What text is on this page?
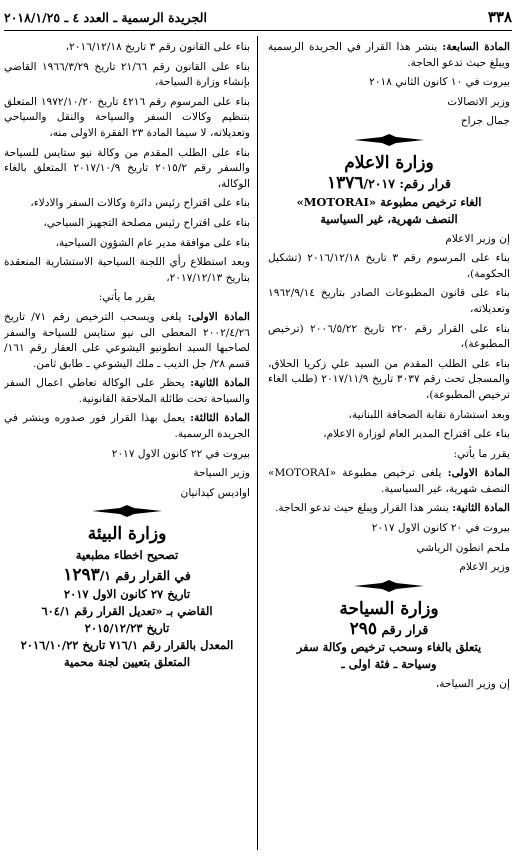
٣٣٨
الجريدة الرسمية ـ العدد ٤ ـ ٢٠١٨/١/٢٥

المادة السابعة: ينشر هذا القرار في الجريدة الرسمية ويبلغ حيث تدعو الحاجة.

بيروت في ١٠ كانون الثاني ٢٠١٨

وزير الاتصالات

جمال جراح

وزارة الاعلام
قرار رقم: ١٣٧٦/٢٠١٧
الغاء ترخيص مطبوعة «MOTORAI»
النصف شهرية، غير السياسية

إن وزير الاعلام

بناء على المرسوم رقم ٣ تاريخ ٢٠١٦/١٢/١٨ (تشكيل الحكومة)،

بناء على قانون المطبوعات الصادر بتاريخ ١٩٦٢/٩/١٤ وتعديلاته،

بناء على القرار رقم ٢٢٠ تاريخ ٢٠٠٦/٥/٢٢ (ترخيص المطبوعة)،

بناء على الطلب المقدم من السيد علي زكريا الحلاق، والمسجل تحت رقم ٣٠٣٧ تاريخ ٢٠١٧/١١/٩ (طلب الغاء ترخيص المطبوعة)،

وبعد استشارة نقابة الصحافة اللبنانية،

بناء على اقتراح المدير العام لوزارة الاعلام،

يقرر ما يأتي:

المادة الاولى: يلغى ترخيص مطبوعة «MOTORAI» النصف شهرية، غير السياسية.

المادة الثانية: ينشر هذا القرار ويبلغ حيث تدعو الحاجة.

بيروت في ٢٠ كانون الاول ٢٠١٧

ملحم انطون الرياشي

وزير الاعلام

وزارة السياحة
قرار رقم ٢٩٥
يتعلق بالغاء وسحب ترخيص وكالة سفر
وسياحة ـ فئة اولى ـ

إن وزير السياحة،

بناء على القانون رقم ٣ تاريخ ٢٠١٦/١٢/١٨،

بناء على القانون رقم ٢١/٦٦ تاريخ ١٩٦٦/٣/٢٩ القاضي بإنشاء وزارة السياحة،

بناء على المرسوم رقم ٤٢١٦ تاريخ ١٩٧٢/١٠/٢٠ المتعلق بتنظيم وكالات السفر والسياحة والنقل والسياحي وتعديلاته، لا سيما المادة ٢٣ الفقرة الاولى منه،

بناء على الطلب المقدم من وكالة نيو ستايس للسياحة والسفر رقم ٢٠١٥/٢ تاريخ ٢٠١٧/١٠/٩ المتعلق بالغاء الوكالة،

بناء على اقتراح رئيس دائرة وكالات السفر والادلاء،

بناء على اقتراح رئيس مصلحة التجهيز السياحي،

بناء على موافقة مدير عام الشؤون السياحية،

وبعد استطلاع رأي اللجنة السياحية الاستشارية المنعقدة بتاريخ ٢٠١٧/١٢/١٣،

يقرر ما يأتي:

المادة الاولى: يلغى ويسحب الترخيص رقم ٧١/ تاريخ ٢٠٠٢/٤/٢٦ المعطى الى نيو ستايس للسياحة والسفر لصاحبها السيد انطونيو اليشوعي على العقار رقم ١٦١/ قسم ٢٨/ جل الديب ـ ملك اليشوعي ـ طابق ثامن.

المادة الثانية: يحظر على الوكالة تعاطي اعمال السفر والسياحة تحت طائلة الملاحقة القانونية.

المادة الثالثة: يعمل بهذا القرار فور صدوره وينشر في الجريدة الرسمية.

بيروت في ٢٢ كانون الاول ٢٠١٧

وزير السياحة

اواديس كيدانيان

وزارة البيئة
تصحيح اخطاء مطبعية
في القرار رقم ١٢٩٣/١
تاريخ ٢٧ كانون الاول ٢٠١٧
القاضي بـ «تعديل القرار رقم ٦٠٤/١
تاريخ ٢٠١٥/١٢/٢٣
المعدل بالقرار رقم ٧١٦/١ تاريخ ٢٠١٦/١٠/٢٢
المتعلق بتعيين لجنة محمية
